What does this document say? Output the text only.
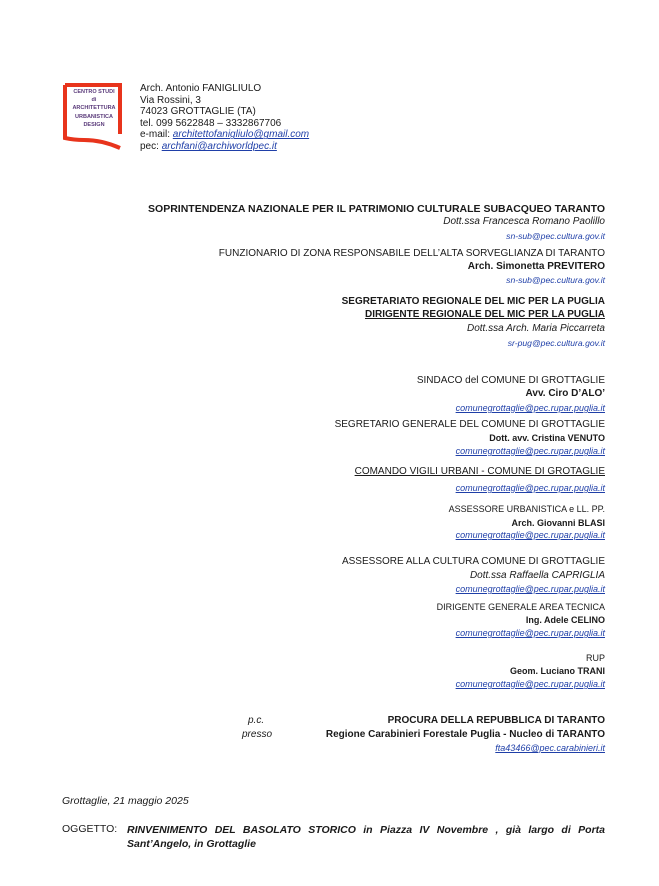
CENTRO STUDI
di
ARCHITETTURA
URBANISTICA
DESIGN
Arch. Antonio FANIGLIULO
Via Rossini, 3
74023 GROTTAGLIE (TA)
tel. 099 5622848 – 3332867706
e-mail: architettofanigliulo@gmail.com
pec: archfani@archiworldpec.it
SOPRINTENDENZA NAZIONALE PER IL PATRIMONIO CULTURALE SUBACQUEO TARANTO
Dott.ssa Francesca Romano Paolillo
sn-sub@pec.cultura.gov.it
FUNZIONARIO DI ZONA RESPONSABILE DELL’ALTA SORVEGLIANZA DI TARANTO
Arch. Simonetta PREVITERO
sn-sub@pec.cultura.gov.it
SEGRETARIATO REGIONALE DEL MIC PER LA PUGLIA
DIRIGENTE REGIONALE DEL MIC PER LA PUGLIA
Dott.ssa Arch. Maria Piccarreta
sr-pug@pec.cultura.gov.it
SINDACO del COMUNE DI GROTTAGLIE
Avv. Ciro D’ALO’
comunegrottaglie@pec.rupar.puglia.it
SEGRETARIO GENERALE DEL COMUNE DI GROTTAGLIE
Dott. avv. Cristina VENUTO
comunegrottaglie@pec.rupar.puglia.it
COMANDO VIGILI URBANI - COMUNE DI GROTAGLIE
comunegrottaglie@pec.rupar.puglia.it
ASSESSORE URBANISTICA e LL. PP.
Arch. Giovanni BLASI
comunegrottaglie@pec.rupar.puglia.it
ASSESSORE ALLA CULTURA COMUNE DI GROTTAGLIE
Dott.ssa Raffaella CAPRIGLIA
comunegrottaglie@pec.rupar.puglia.it
DIRIGENTE GENERALE AREA TECNICA
Ing. Adele CELINO
comunegrottaglie@pec.rupar.puglia.it
RUP
Geom. Luciano TRANI
comunegrottaglie@pec.rupar.puglia.it
p.c.
presso
PROCURA DELLA REPUBBLICA DI TARANTO
Regione Carabinieri Forestale Puglia - Nucleo di TARANTO
fta43466@pec.carabinieri.it
Grottaglie, 21 maggio 2025
OGGETTO: RINVENIMENTO DEL BASOLATO STORICO in Piazza IV Novembre , già largo di Porta
Sant’Angelo, in Grottaglie
